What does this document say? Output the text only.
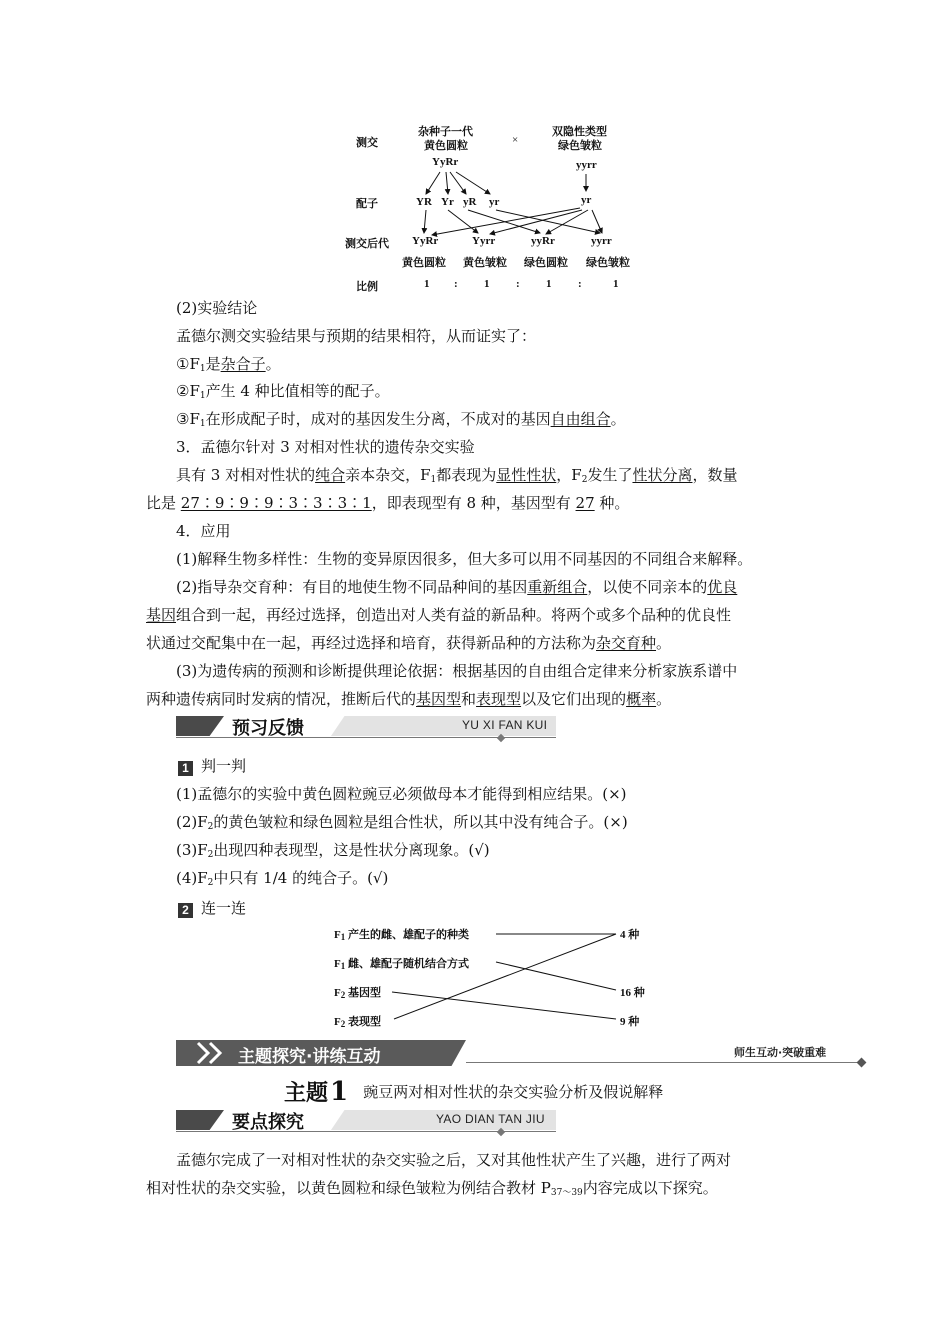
测交
配子
测交后代
比例
杂种子一代
黄色圆粒
YyRr
×
双隐性类型
绿色皱粒
yyrr
YR Yr yR yr	yr
YyRr	Yyrr	yyRr	yyrr
黄色圆粒 黄色皱粒 绿色圆粒 绿色皱粒
1 : 1 : 1 :	1
(2)实验结论
孟德尔测交实验结果与预期的结果相符，从而证实了：
$①F_1$是杂合子。
$②F_1$产生 4 种比值相等的配子。
$③F_1$在形成配子时，成对的基因发生分离，不成对的基因自由组合。
3．孟德尔针对 3 对相对性状的遗传杂交实验
具有 3 对相对性状的纯合亲本杂交，$F_1$都表现为显性性状，$F_2$发生了性状分离，数量
比是 27∶9∶9∶9∶3∶3∶3∶1，即表现型有 8 种，基因型有 27 种。
4．应用
(1)解释生物多样性：生物的变异原因很多，但大多可以用不同基因的不同组合来解释。
(2)指导杂交育种：有目的地使生物不同品种间的基因重新组合，以使不同亲本的优良
基因组合到一起，再经过选择，创造出对人类有益的新品种。将两个或多个品种的优良性
状通过交配集中在一起，再经过选择和培育，获得新品种的方法称为杂交育种。
(3)为遗传病的预测和诊断提供理论依据：根据基因的自由组合定律来分析家族系谱中
两种遗传病同时发病的情况，推断后代的基因型和表现型以及它们出现的概率。
预习反馈	YU XI FAN KUI
1 判一判
(1)孟德尔的实验中黄色圆粒豌豆必须做母本才能得到相应结果。(×)
$(2)F_2$的黄色皱粒和绿色圆粒是组合性状，所以其中没有纯合子。(×)
$(3)F_2$出现四种表现型，这是性状分离现象。(√)
$(4)F_2$中只有 1/4 的纯合子。(√)
2 连一连
$F_1$ 产生的雌、雄配子的种类
$F_1$ 雌、雄配子随机结合方式
$F_2$ 基因型
$F_2$ 表现型
4 种
16 种
9 种
主题探究·讲练互动	师生互动·突破重难
主题1 豌豆两对相对性状的杂交实验分析及假说解释
要点探究	YAO DIAN TAN JIU
孟德尔完成了一对相对性状的杂交实验之后，又对其他性状产生了兴趣，进行了两对
相对性状的杂交实验，以黄色圆粒和绿色皱粒为例结合教材 $P_{37\sim 39}$内容完成以下探究。
